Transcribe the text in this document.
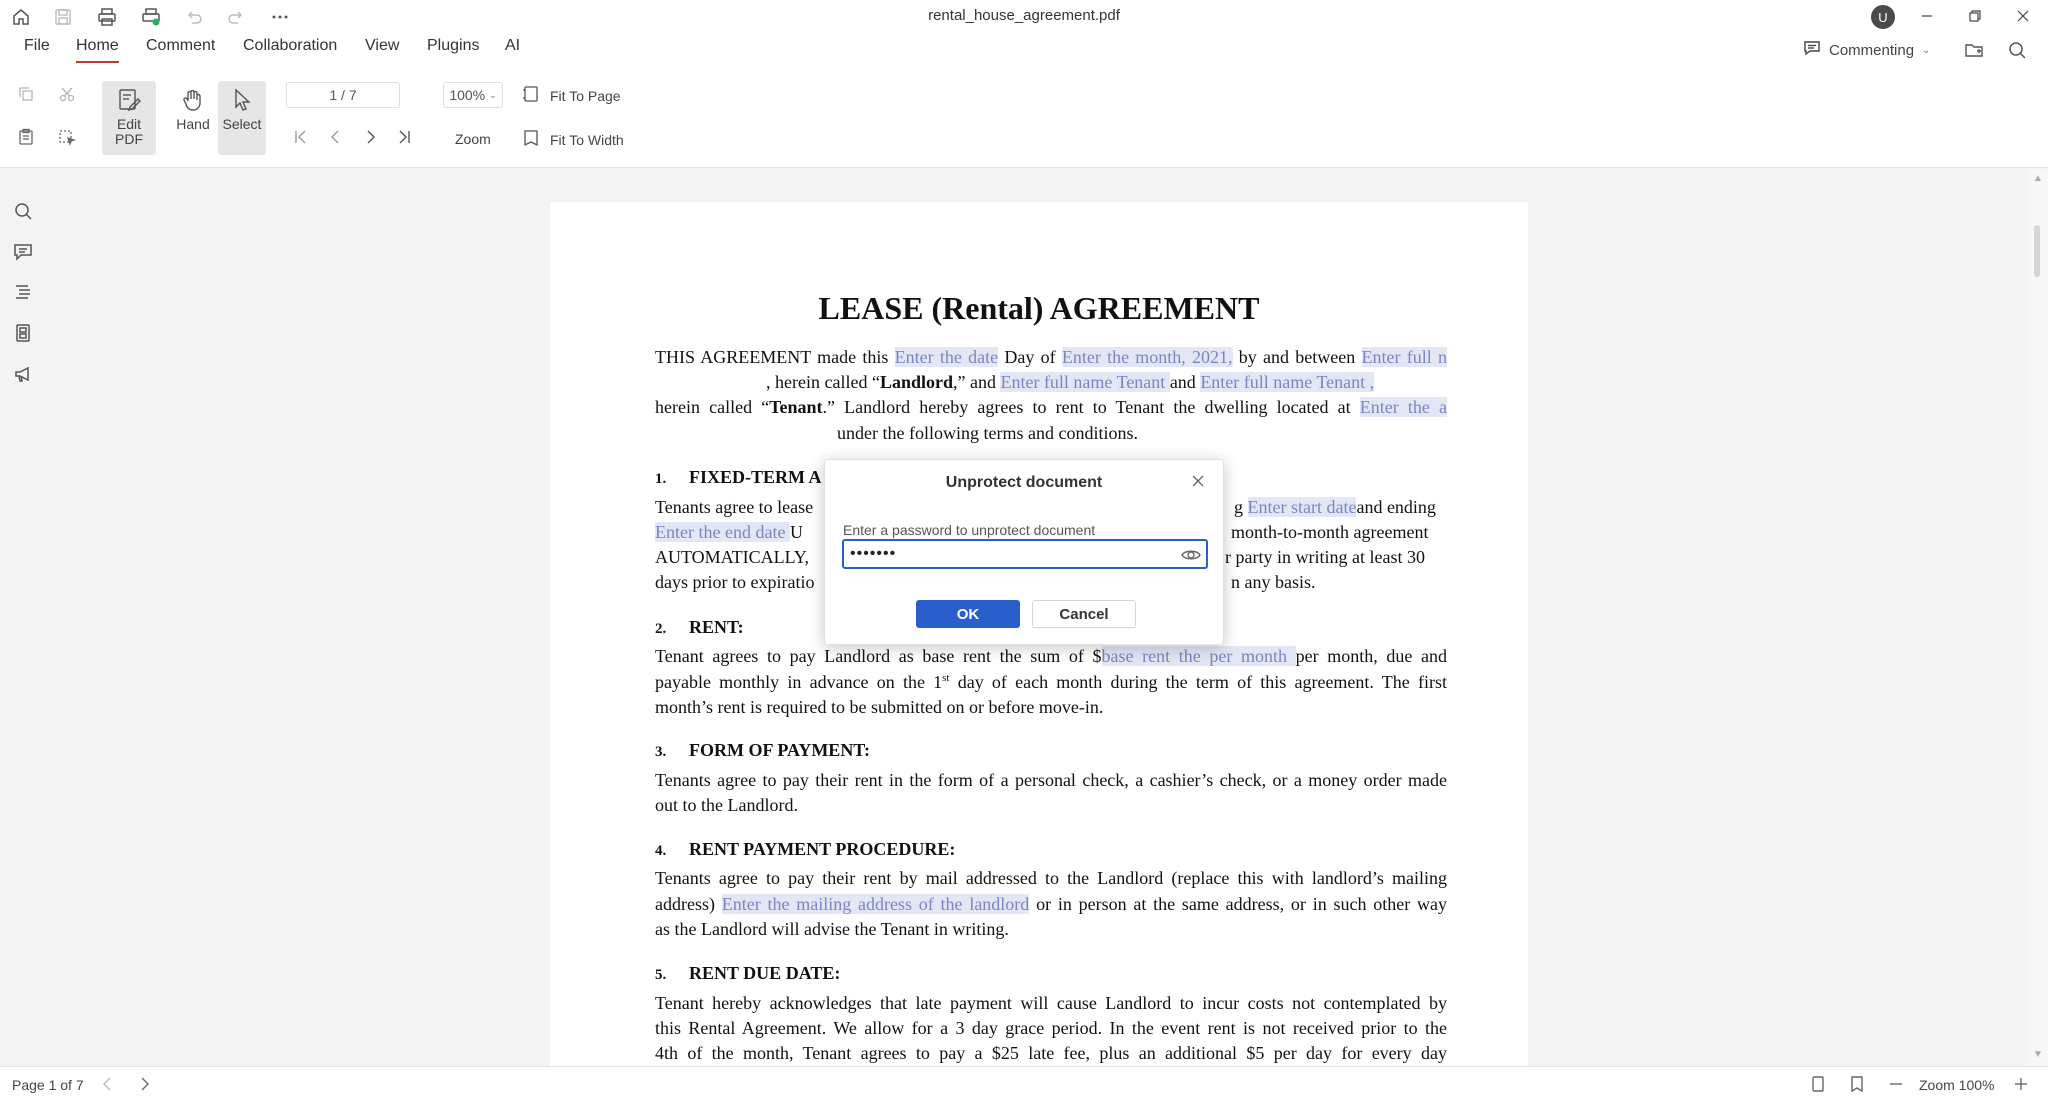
rental_house_agreement.pdf	U
File Home Comment Collaboration View Plugins AI	Commenting ⌄
Edit
PDF
Hand Select
1 / 7	100% ⌄
Zoom
Fit To Page
Fit To Width
LEASE (Rental) AGREEMENT
THIS AGREEMENT made this Enter the date Day of Enter the month, 2021, by and between Enter full n
, herein called “Landlord,” and Enter full name Tenant and Enter full name Tenant ,
herein called “Tenant.” Landlord hereby agrees to rent to Tenant the dwelling located at Enter the a
under the following terms and conditions.
1. FIXED-TERM A
Tenants agree to lease	g Enter start dateand ending
Enter the end date U	month-to-month agreement
AUTOMATICALLY,	r party in writing at least 30
days prior to expiratio	n any basis.
2. RENT:
Tenant agrees to pay Landlord as base rent the sum of $base rent the per month per month, due and
payable monthly in advance on the 1st day of each month during the term of this agreement. The first
month’s rent is required to be submitted on or before move-in.
3. FORM OF PAYMENT:
Tenants agree to pay their rent in the form of a personal check, a cashier’s check, or a money order made
out to the Landlord.
4. RENT PAYMENT PROCEDURE:
Tenants agree to pay their rent by mail addressed to the Landlord (replace this with landlord’s mailing
address) Enter the mailing address of the landlord or in person at the same address, or in such other way
as the Landlord will advise the Tenant in writing.
5. RENT DUE DATE:
Tenant hereby acknowledges that late payment will cause Landlord to incur costs not contemplated by
this Rental Agreement. We allow for a 3 day grace period. In the event rent is not received prior to the
4th of the month, Tenant agrees to pay a $25 late fee, plus an additional $5 per day for every day
▲
▼
Page 1 of 7	Zoom 100%
Unprotect document
Enter a password to unprotect document
•••••••
OK	Cancel
